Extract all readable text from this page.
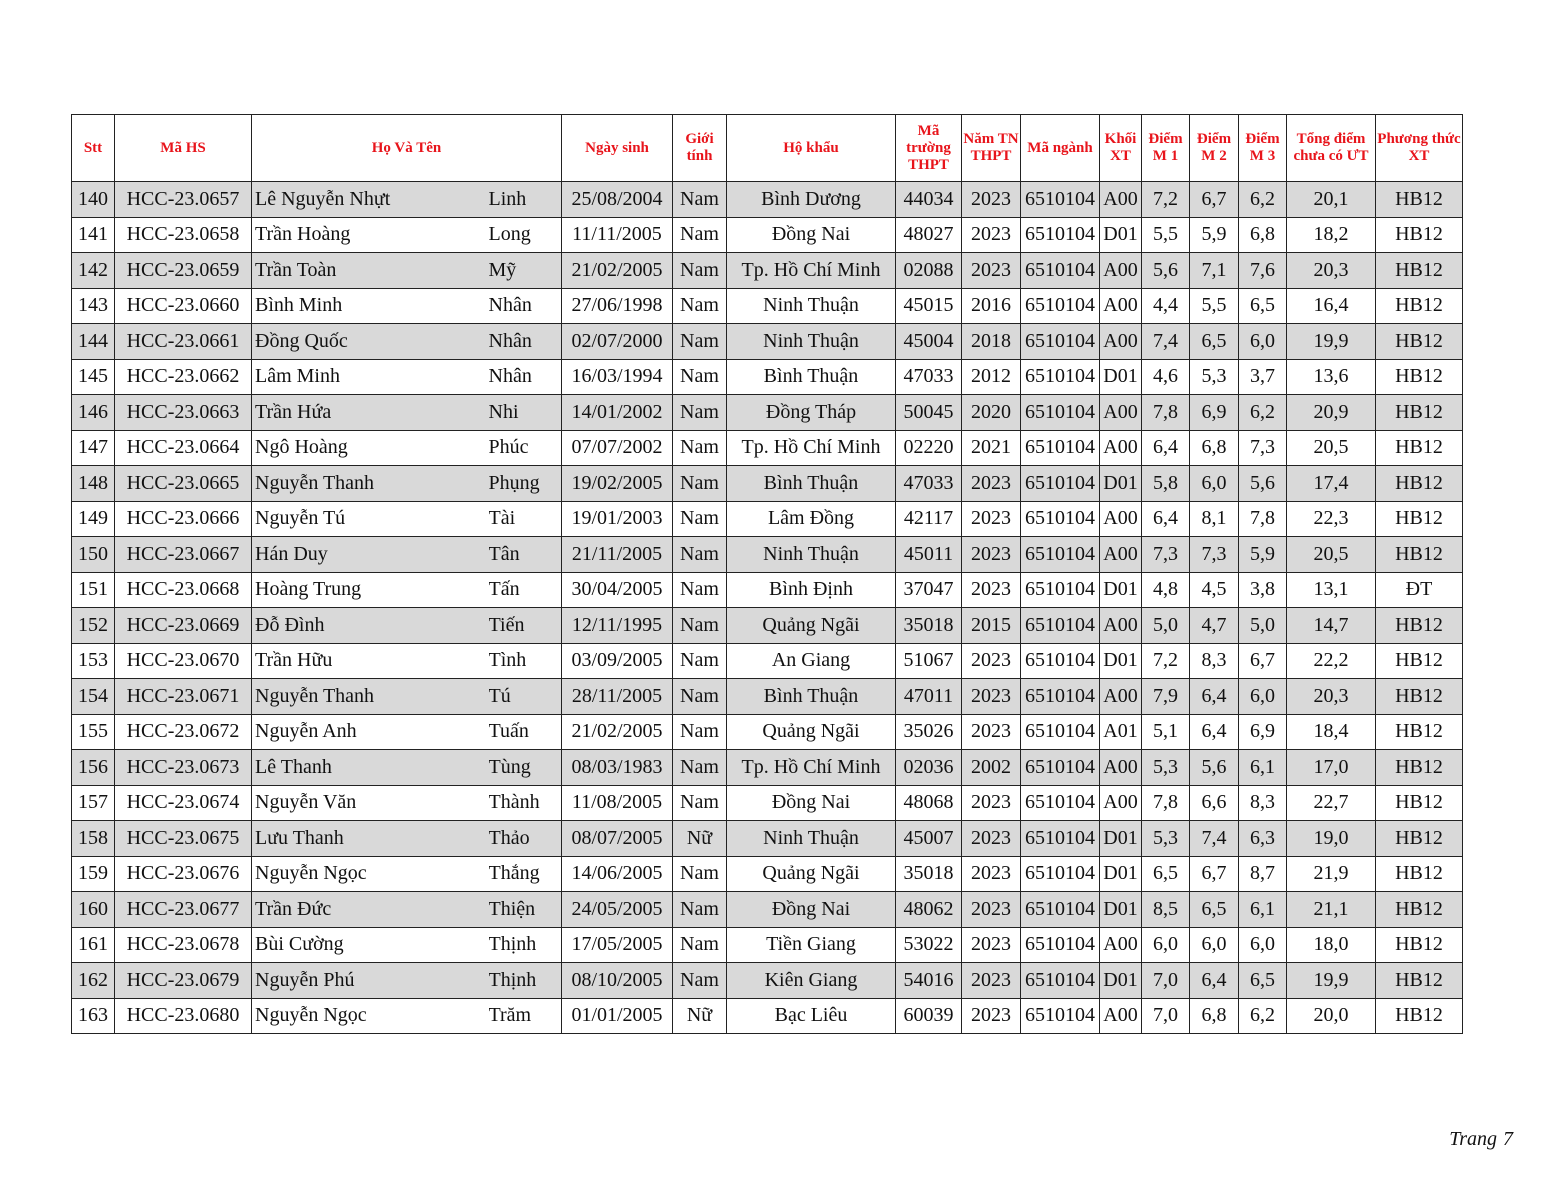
Stt	Mã HS	Họ Và Tên		Ngày sinh	Giới tính	Hộ khẩu	Mã trường THPT	Năm TN THPT	Mã ngành	Khối XT	Điểm M 1	Điểm M 2	Điểm M 3	Tổng điểm chưa có ƯT	Phương thức XT
140	HCC-23.0657	Lê Nguyễn Nhựt	Linh	25/08/2004	Nam	Bình Dương	44034	2023	6510104	A00	7,2	6,7	6,2	20,1	HB12
141	HCC-23.0658	Trần Hoàng	Long	11/11/2005	Nam	Đồng Nai	48027	2023	6510104	D01	5,5	5,9	6,8	18,2	HB12
142	HCC-23.0659	Trần Toàn	Mỹ	21/02/2005	Nam	Tp. Hồ Chí Minh	02088	2023	6510104	A00	5,6	7,1	7,6	20,3	HB12
143	HCC-23.0660	Bình Minh	Nhân	27/06/1998	Nam	Ninh Thuận	45015	2016	6510104	A00	4,4	5,5	6,5	16,4	HB12
144	HCC-23.0661	Đồng Quốc	Nhân	02/07/2000	Nam	Ninh Thuận	45004	2018	6510104	A00	7,4	6,5	6,0	19,9	HB12
145	HCC-23.0662	Lâm Minh	Nhân	16/03/1994	Nam	Bình Thuận	47033	2012	6510104	D01	4,6	5,3	3,7	13,6	HB12
146	HCC-23.0663	Trần Hứa	Nhi	14/01/2002	Nam	Đồng Tháp	50045	2020	6510104	A00	7,8	6,9	6,2	20,9	HB12
147	HCC-23.0664	Ngô Hoàng	Phúc	07/07/2002	Nam	Tp. Hồ Chí Minh	02220	2021	6510104	A00	6,4	6,8	7,3	20,5	HB12
148	HCC-23.0665	Nguyễn Thanh	Phụng	19/02/2005	Nam	Bình Thuận	47033	2023	6510104	D01	5,8	6,0	5,6	17,4	HB12
149	HCC-23.0666	Nguyễn Tú	Tài	19/01/2003	Nam	Lâm Đồng	42117	2023	6510104	A00	6,4	8,1	7,8	22,3	HB12
150	HCC-23.0667	Hán Duy	Tân	21/11/2005	Nam	Ninh Thuận	45011	2023	6510104	A00	7,3	7,3	5,9	20,5	HB12
151	HCC-23.0668	Hoàng Trung	Tấn	30/04/2005	Nam	Bình Định	37047	2023	6510104	D01	4,8	4,5	3,8	13,1	ĐT
152	HCC-23.0669	Đỗ Đình	Tiến	12/11/1995	Nam	Quảng Ngãi	35018	2015	6510104	A00	5,0	4,7	5,0	14,7	HB12
153	HCC-23.0670	Trần Hữu	Tình	03/09/2005	Nam	An Giang	51067	2023	6510104	D01	7,2	8,3	6,7	22,2	HB12
154	HCC-23.0671	Nguyễn Thanh	Tú	28/11/2005	Nam	Bình Thuận	47011	2023	6510104	A00	7,9	6,4	6,0	20,3	HB12
155	HCC-23.0672	Nguyễn Anh	Tuấn	21/02/2005	Nam	Quảng Ngãi	35026	2023	6510104	A01	5,1	6,4	6,9	18,4	HB12
156	HCC-23.0673	Lê Thanh	Tùng	08/03/1983	Nam	Tp. Hồ Chí Minh	02036	2002	6510104	A00	5,3	5,6	6,1	17,0	HB12
157	HCC-23.0674	Nguyễn Văn	Thành	11/08/2005	Nam	Đồng Nai	48068	2023	6510104	A00	7,8	6,6	8,3	22,7	HB12
158	HCC-23.0675	Lưu Thanh	Thảo	08/07/2005	Nữ	Ninh Thuận	45007	2023	6510104	D01	5,3	7,4	6,3	19,0	HB12
159	HCC-23.0676	Nguyễn Ngọc	Thắng	14/06/2005	Nam	Quảng Ngãi	35018	2023	6510104	D01	6,5	6,7	8,7	21,9	HB12
160	HCC-23.0677	Trần Đức	Thiện	24/05/2005	Nam	Đồng Nai	48062	2023	6510104	D01	8,5	6,5	6,1	21,1	HB12
161	HCC-23.0678	Bùi Cường	Thịnh	17/05/2005	Nam	Tiền Giang	53022	2023	6510104	A00	6,0	6,0	6,0	18,0	HB12
162	HCC-23.0679	Nguyễn Phú	Thịnh	08/10/2005	Nam	Kiên Giang	54016	2023	6510104	D01	7,0	6,4	6,5	19,9	HB12
163	HCC-23.0680	Nguyễn Ngọc	Trăm	01/01/2005	Nữ	Bạc Liêu	60039	2023	6510104	A00	7,0	6,8	6,2	20,0	HB12
Trang 7
